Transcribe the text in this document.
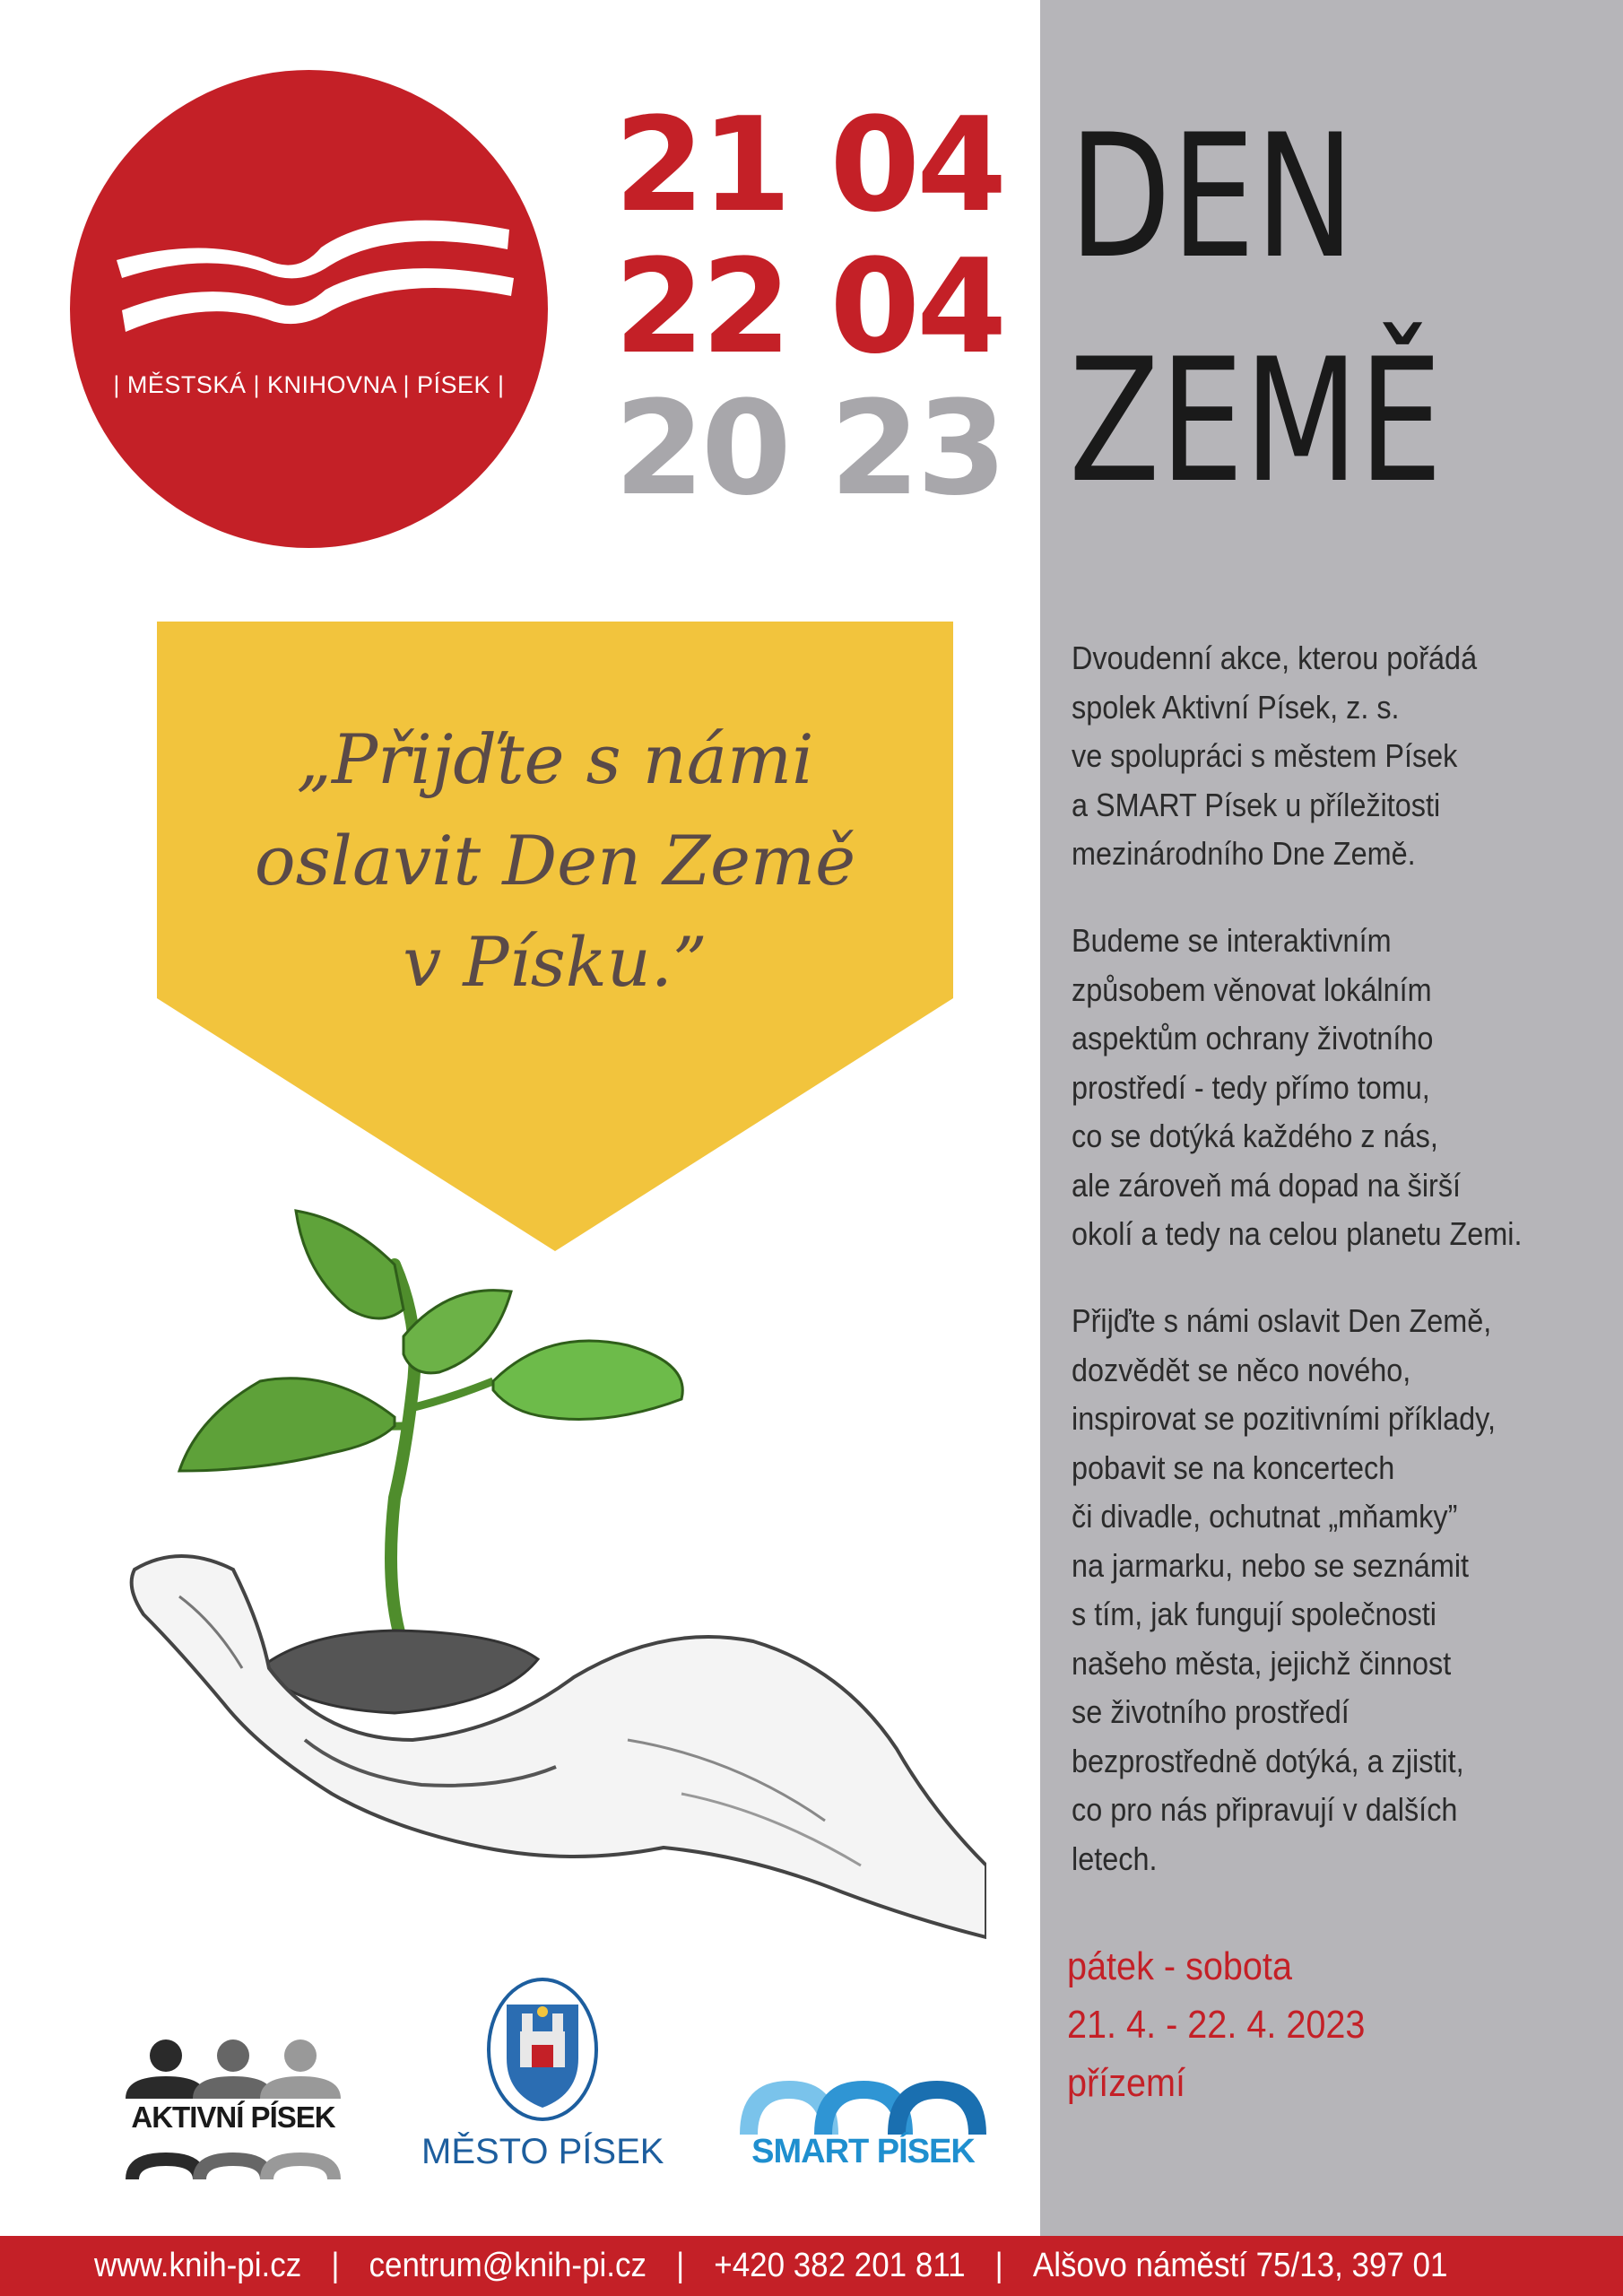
| MĚSTSKÁ | KNIHOVNA | PÍSEK |
21 04
22 04
20 23
DEN
ZEMĚ
„Přijďte s námi
oslavit Den Země
v Písku.”

Dvoudenní akce, kterou pořádá
spolek Aktivní Písek, z. s.
ve spolupráci s městem Písek
a SMART Písek u příležitosti
mezinárodního Dne Země.

Budeme se interaktivním
způsobem věnovat lokálním
aspektům ochrany životního
prostředí - tedy přímo tomu,
co se dotýká každého z nás,
ale zároveň má dopad na širší
okolí a tedy na celou planetu Zemi.

Přijďte s námi oslavit Den Země,
dozvědět se něco nového,
inspirovat se pozitivními příklady,
pobavit se na koncertech
či divadle, ochutnat „mňamky”
na jarmarku, nebo se seznámit
s tím, jak fungují společnosti
našeho města, jejichž činnost
se životního prostředí
bezprostředně dotýká, a zjistit,
co pro nás připravují v dalších
letech.

pátek - sobota
21. 4. - 22. 4. 2023
přízemí
AKTIVNÍ PÍSEK
MĚSTO PÍSEK	SMART PÍSEK
www.knih-pi.cz | centrum@knih-pi.cz | +420 382 201 811 | Alšovo náměstí 75/13, 397 01
